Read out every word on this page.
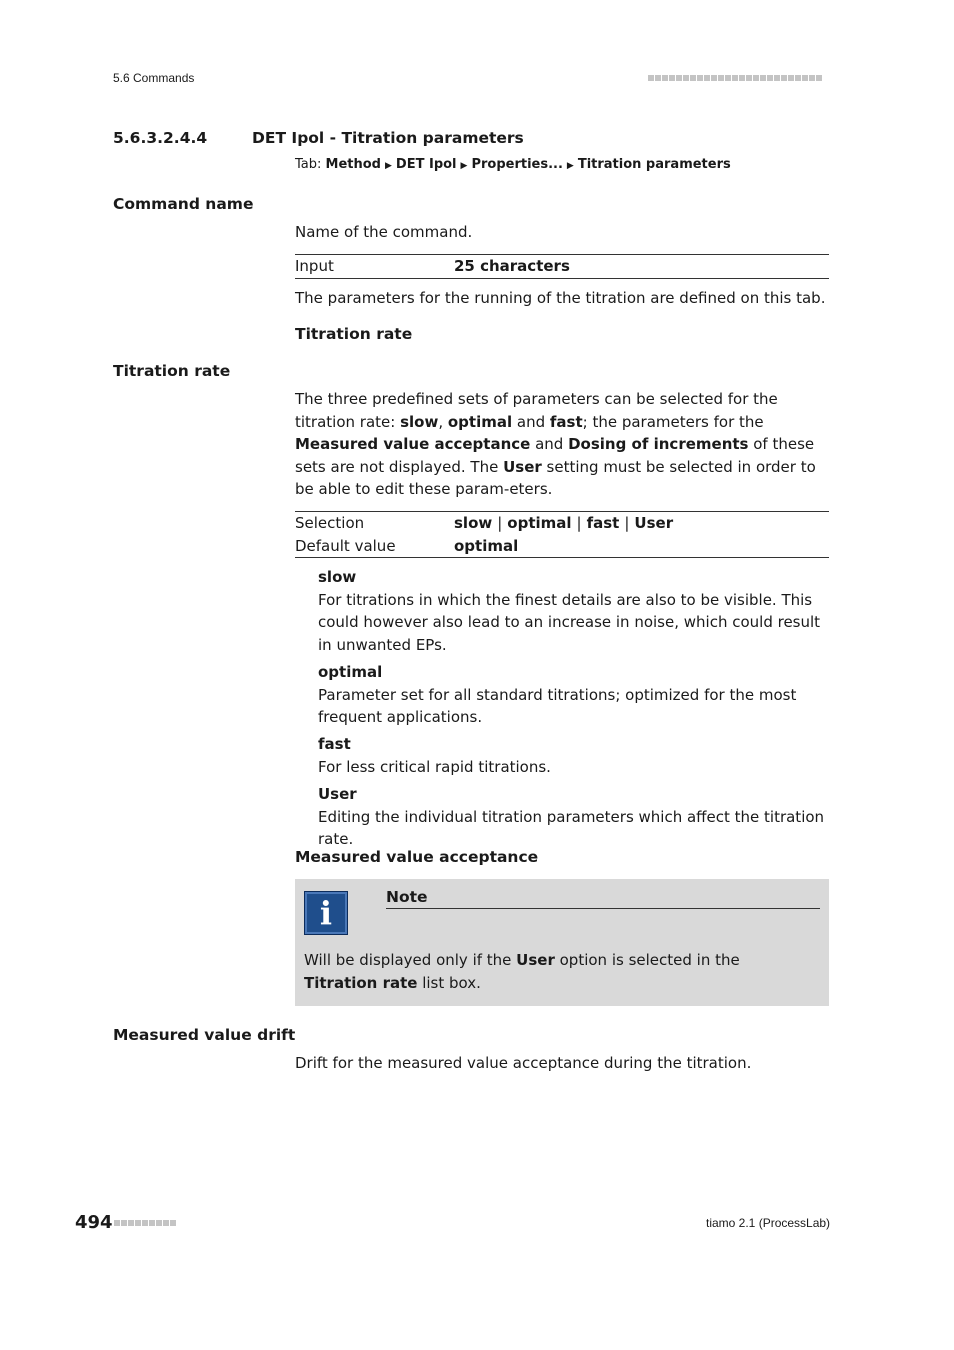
5.6 Commands
5.6.3.2.4.4	DET Ipol - Titration parameters
Tab: Method ▶ DET Ipol ▶ Properties... ▶ Titration parameters
Command name
Name of the command.
Input	25 characters
The parameters for the running of the titration are defined on this tab.
Titration rate
Titration rate
The three predefined sets of parameters can be selected for the titration rate: slow, optimal and fast; the parameters for the Measured value acceptance and Dosing of increments of these sets are not displayed. The User setting must be selected in order to be able to edit these param-eters.
Selection	slow | optimal | fast | User
Default value	optimal
slow
For titrations in which the finest details are also to be visible. This could however also lead to an increase in noise, which could result in unwanted EPs.
optimal
Parameter set for all standard titrations; optimized for the most frequent applications.
fast
For less critical rapid titrations.
User
Editing the individual titration parameters which affect the titration rate.
Measured value acceptance
i	Note
Will be displayed only if the User option is selected in the Titration rate list box.
Measured value drift
Drift for the measured value acceptance during the titration.
494	tiamo 2.1 (ProcessLab)
